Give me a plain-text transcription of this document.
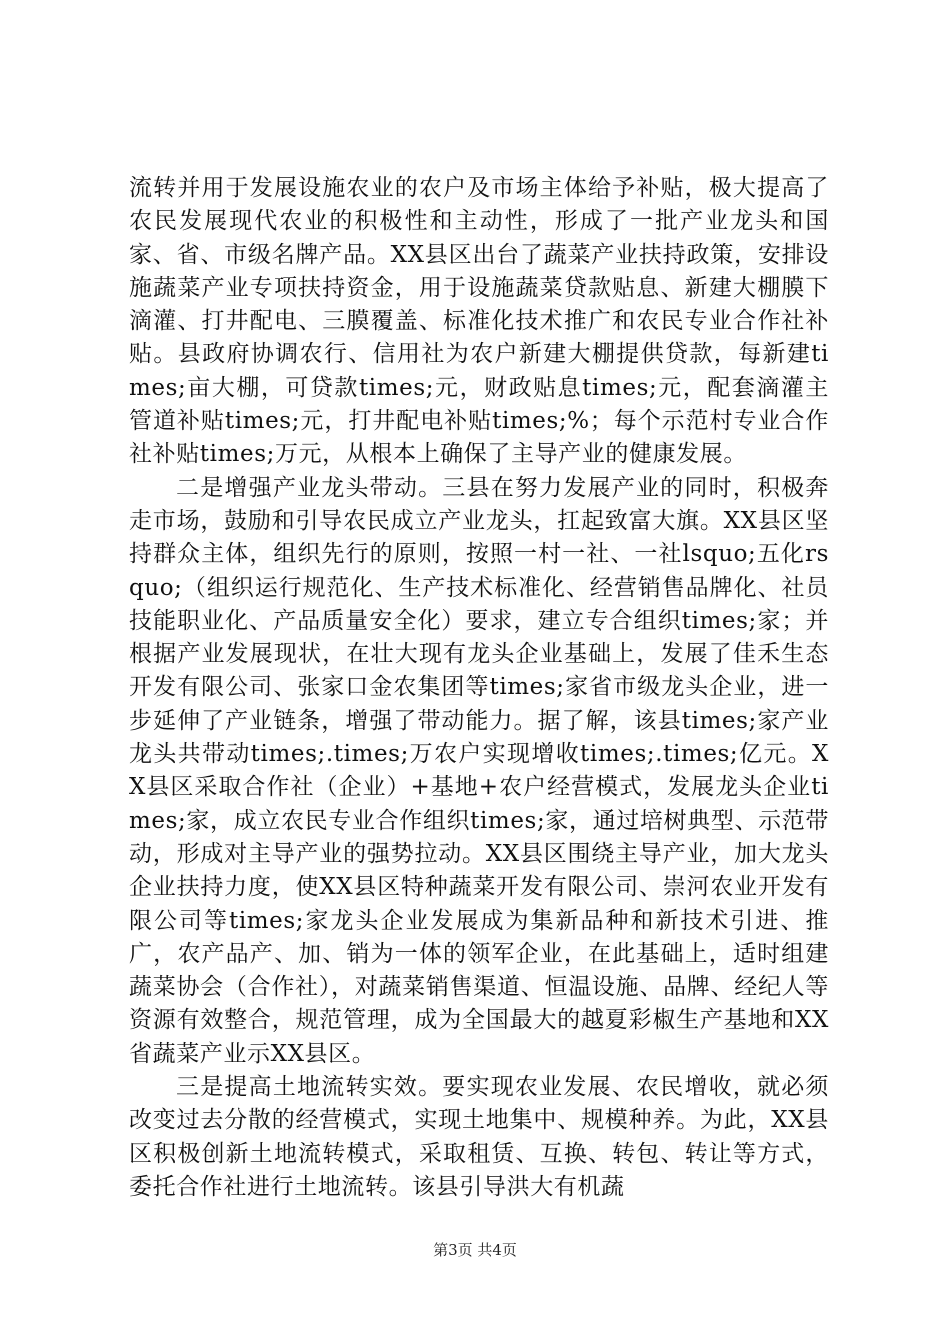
流转并用于发展设施农业的农户及市场主体给予补贴，极大提高了农民发展现代农业的积极性和主动性，形成了一批产业龙头和国家、省、市级名牌产品。XX县区出台了蔬菜产业扶持政策，安排设施蔬菜产业专项扶持资金，用于设施蔬菜贷款贴息、新建大棚膜下滴灌、打井配电、三膜覆盖、标准化技术推广和农民专业合作社补贴。县政府协调农行、信用社为农户新建大棚提供贷款，每新建times;亩大棚，可贷款times;元，财政贴息times;元，配套滴灌主管道补贴times;元，打井配电补贴times;%；每个示范村专业合作社补贴times;万元，从根本上确保了主导产业的健康发展。

二是增强产业龙头带动。三县在努力发展产业的同时，积极奔走市场，鼓励和引导农民成立产业龙头，扛起致富大旗。XX县区坚持群众主体，组织先行的原则，按照一村一社、一社lsquo;五化rsquo;（组织运行规范化、生产技术标准化、经营销售品牌化、社员技能职业化、产品质量安全化）要求，建立专合组织times;家；并根据产业发展现状，在壮大现有龙头企业基础上，发展了佳禾生态开发有限公司、张家口金农集团等times;家省市级龙头企业，进一步延伸了产业链条，增强了带动能力。据了解，该县times;家产业龙头共带动times;.times;万农户实现增收times;.times;亿元。XX县区采取合作社（企业）+基地+农户经营模式，发展龙头企业times;家，成立农民专业合作组织times;家，通过培树典型、示范带动，形成对主导产业的强势拉动。XX县区围绕主导产业，加大龙头企业扶持力度，使XX县区特种蔬菜开发有限公司、崇河农业开发有限公司等times;家龙头企业发展成为集新品种和新技术引进、推广，农产品产、加、销为一体的领军企业，在此基础上，适时组建蔬菜协会（合作社），对蔬菜销售渠道、恒温设施、品牌、经纪人等资源有效整合，规范管理，成为全国最大的越夏彩椒生产基地和XX省蔬菜产业示XX县区。

三是提高土地流转实效。要实现农业发展、农民增收，就必须改变过去分散的经营模式，实现土地集中、规模种养。为此，XX县区积极创新土地流转模式，采取租赁、互换、转包、转让等方式，委托合作社进行土地流转。该县引导洪大有机蔬

第3页 共4页
